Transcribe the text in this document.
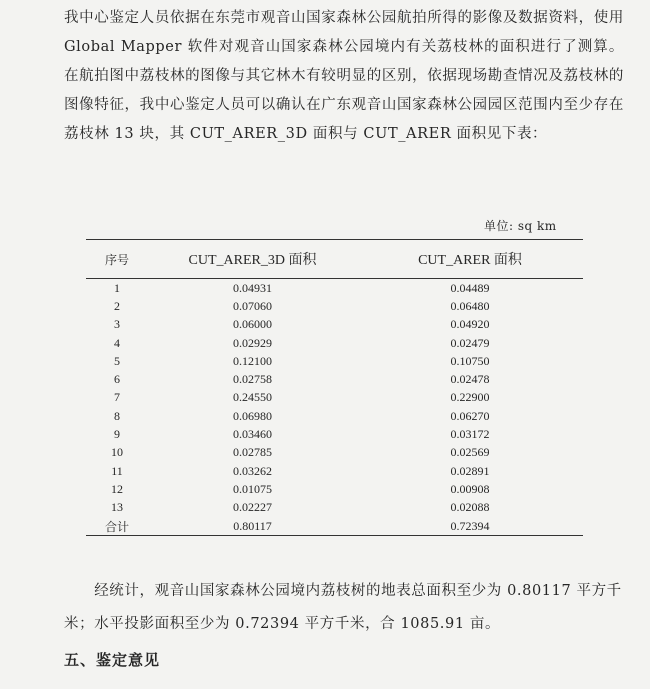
我中心鉴定人员依据在东莞市观音山国家森林公园航拍所得的影像及数据资料，使用 Global Mapper 软件对观音山国家森林公园境内有关荔枝林的面积进行了测算。在航拍图中荔枝林的图像与其它林木有较明显的区别，依据现场勘查情况及荔枝林的图像特征，我中心鉴定人员可以确认在广东观音山国家森林公园园区范围内至少存在荔枝林 13 块，其 CUT_ARER_3D 面积与 CUT_ARER 面积见下表：

单位: sq km

序号	CUT_ARER_3D 面积	CUT_ARER 面积
1	0.04931	0.04489
2	0.07060	0.06480
3	0.06000	0.04920
4	0.02929	0.02479
5	0.12100	0.10750
6	0.02758	0.02478
7	0.24550	0.22900
8	0.06980	0.06270
9	0.03460	0.03172
10	0.02785	0.02569
11	0.03262	0.02891
12	0.01075	0.00908
13	0.02227	0.02088
合计	0.80117	0.72394

　　经统计，观音山国家森林公园境内荔枝树的地表总面积至少为 0.80117 平方千米；水平投影面积至少为 0.72394 平方千米，合 1085.91 亩。

五、鉴定意见
